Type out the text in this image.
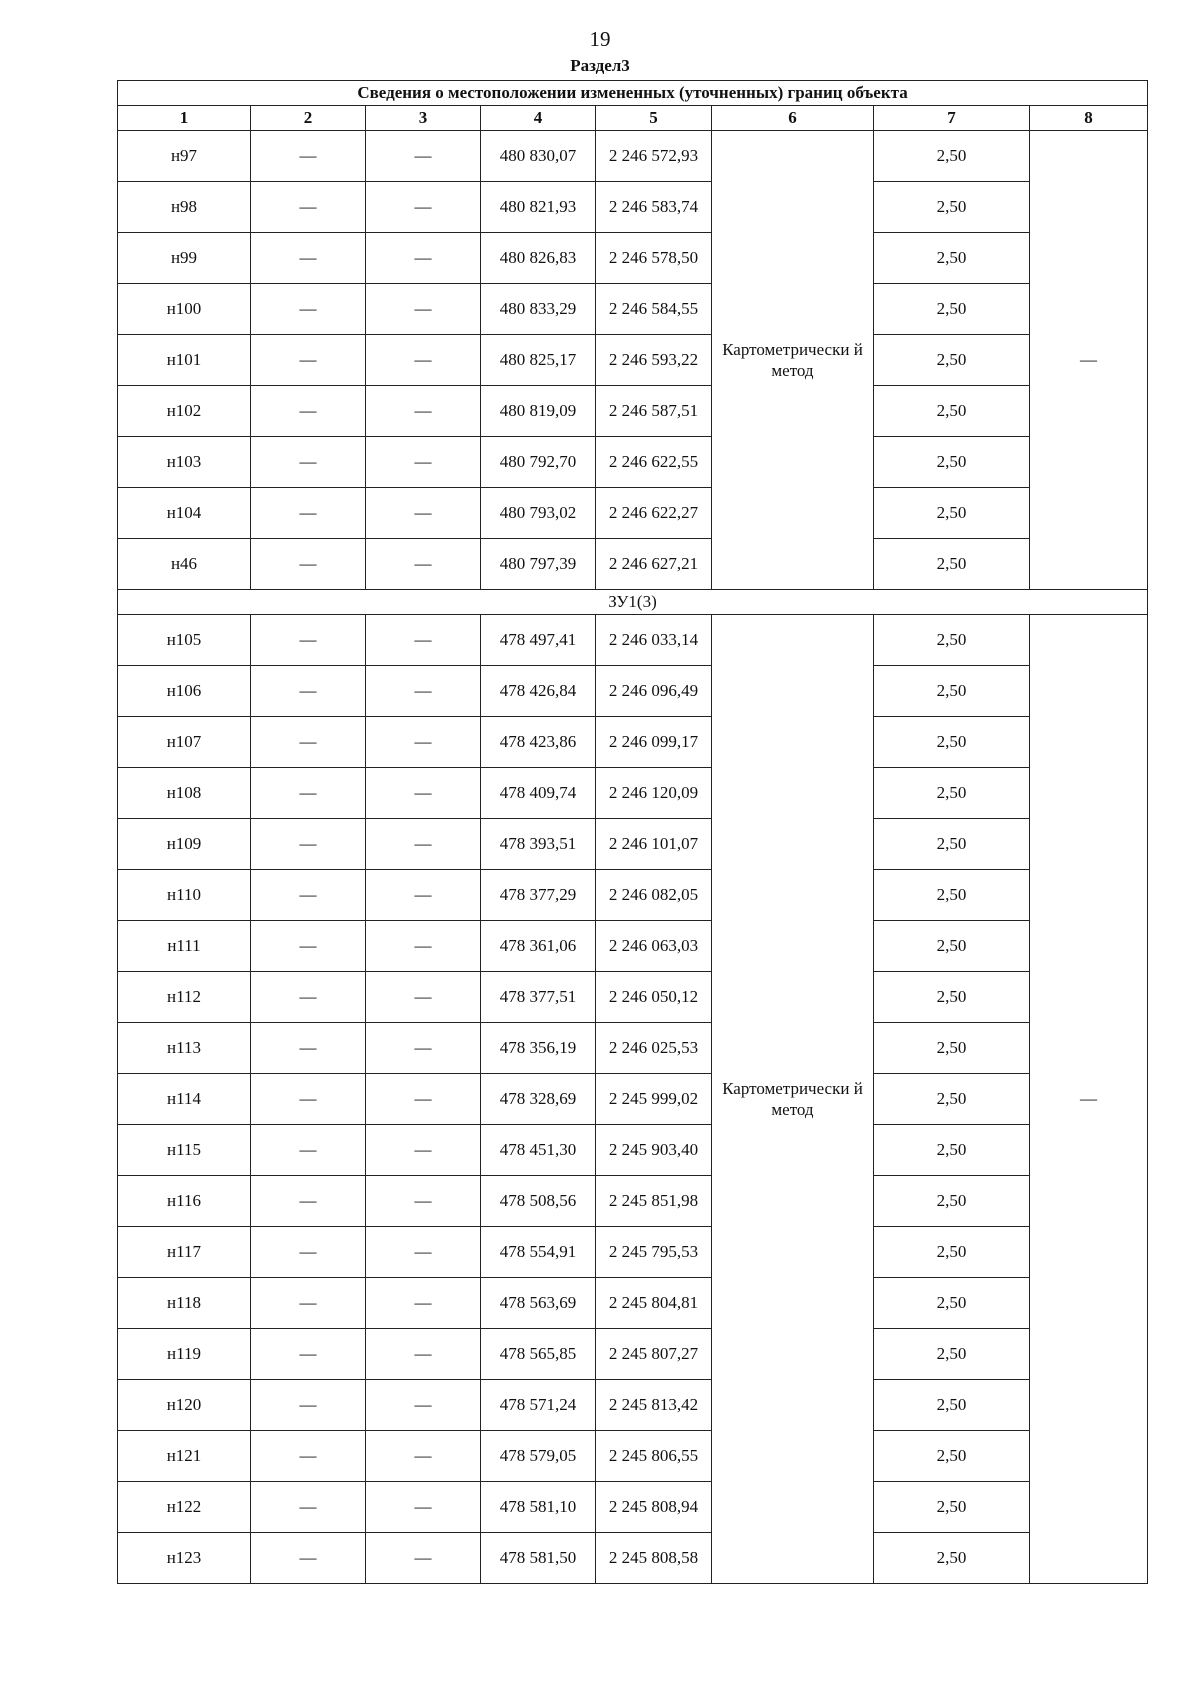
19
Раздел3
Сведения о местоположении измененных (уточненных) границ объекта							
1	2	3	4	5	6	7	8
н97	—	—	480 830,07	2 246 572,93	Картометрически й метод	2,50	—
н98	—	—	480 821,93	2 246 583,74		2,50	
н99	—	—	480 826,83	2 246 578,50		2,50	
н100	—	—	480 833,29	2 246 584,55		2,50	
н101	—	—	480 825,17	2 246 593,22		2,50	
н102	—	—	480 819,09	2 246 587,51		2,50	
н103	—	—	480 792,70	2 246 622,55		2,50	
н104	—	—	480 793,02	2 246 622,27		2,50	
н46	—	—	480 797,39	2 246 627,21		2,50	
ЗУ1(3)							
н105	—	—	478 497,41	2 246 033,14	Картометрически й метод	2,50	—
н106	—	—	478 426,84	2 246 096,49		2,50	
н107	—	—	478 423,86	2 246 099,17		2,50	
н108	—	—	478 409,74	2 246 120,09		2,50	
н109	—	—	478 393,51	2 246 101,07		2,50	
н110	—	—	478 377,29	2 246 082,05		2,50	
н111	—	—	478 361,06	2 246 063,03		2,50	
н112	—	—	478 377,51	2 246 050,12		2,50	
н113	—	—	478 356,19	2 246 025,53		2,50	
н114	—	—	478 328,69	2 245 999,02		2,50	
н115	—	—	478 451,30	2 245 903,40		2,50	
н116	—	—	478 508,56	2 245 851,98		2,50	
н117	—	—	478 554,91	2 245 795,53		2,50	
н118	—	—	478 563,69	2 245 804,81		2,50	
н119	—	—	478 565,85	2 245 807,27		2,50	
н120	—	—	478 571,24	2 245 813,42		2,50	
н121	—	—	478 579,05	2 245 806,55		2,50	
н122	—	—	478 581,10	2 245 808,94		2,50	
н123	—	—	478 581,50	2 245 808,58		2,50	
